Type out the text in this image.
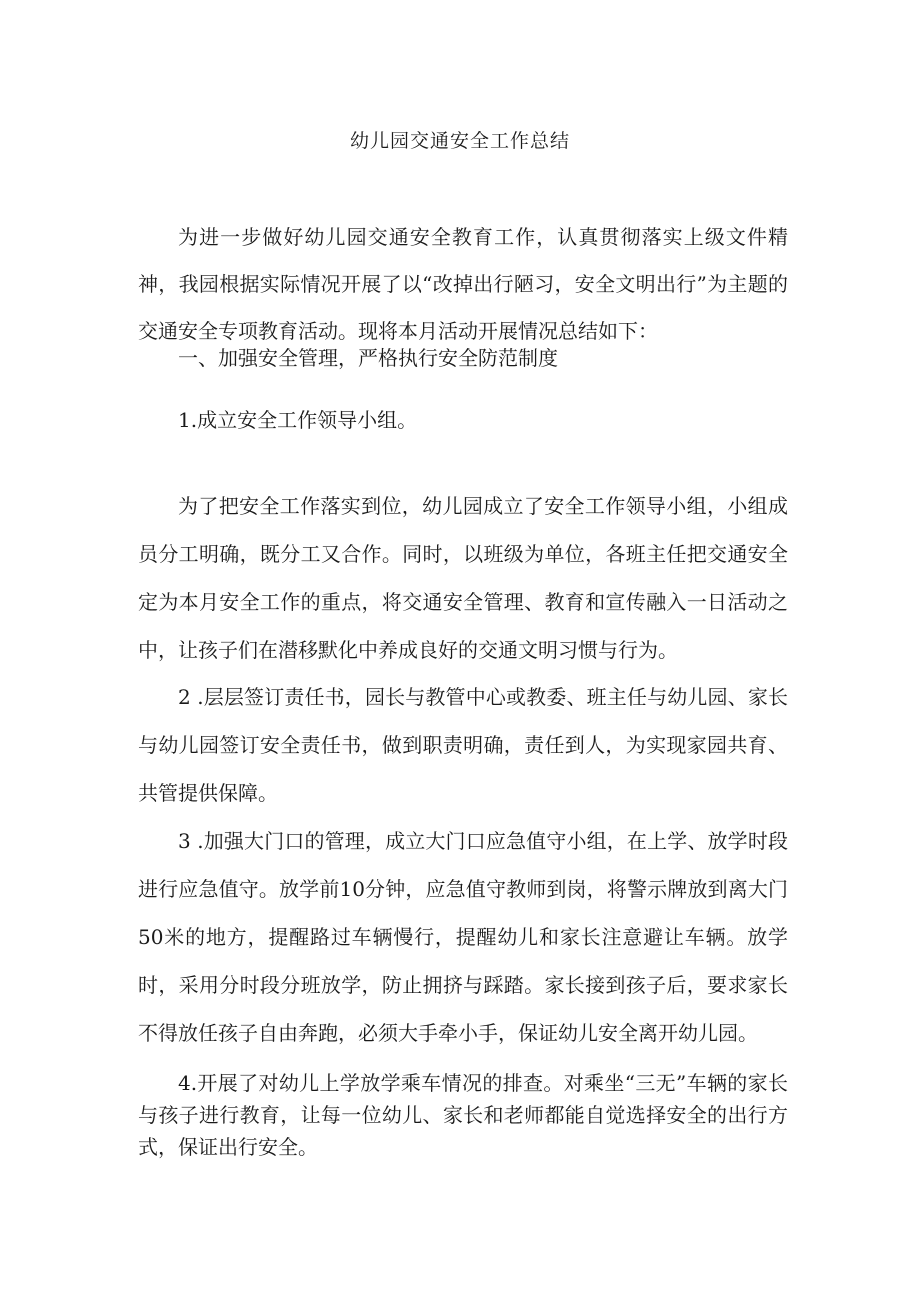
幼儿园交通安全工作总结

为进一步做好幼儿园交通安全教育工作，认真贯彻落实上级文件精神，我园根据实际情况开展了以“改掉出行陋习，安全文明出行”为主题的交通安全专项教育活动。现将本月活动开展情况总结如下：

一、加强安全管理，严格执行安全防范制度

1.成立安全工作领导小组。

为了把安全工作落实到位，幼儿园成立了安全工作领导小组，小组成员分工明确，既分工又合作。同时，以班级为单位，各班主任把交通安全定为本月安全工作的重点，将交通安全管理、教育和宣传融入一日活动之中，让孩子们在潜移默化中养成良好的交通文明习惯与行为。

2 .层层签订责任书，园长与教管中心或教委、班主任与幼儿园、家长与幼儿园签订安全责任书，做到职责明确，责任到人，为实现家园共育、共管提供保障。

3 .加强大门口的管理，成立大门口应急值守小组，在上学、放学时段进行应急值守。放学前10分钟，应急值守教师到岗，将警示牌放到离大门50米的地方，提醒路过车辆慢行，提醒幼儿和家长注意避让车辆。放学时，采用分时段分班放学，防止拥挤与踩踏。家长接到孩子后，要求家长不得放任孩子自由奔跑，必须大手牵小手，保证幼儿安全离开幼儿园。

4.开展了对幼儿上学放学乘车情况的排查。对乘坐“三无”车辆的家长与孩子进行教育，让每一位幼儿、家长和老师都能自觉选择安全的出行方式，保证出行安全。
